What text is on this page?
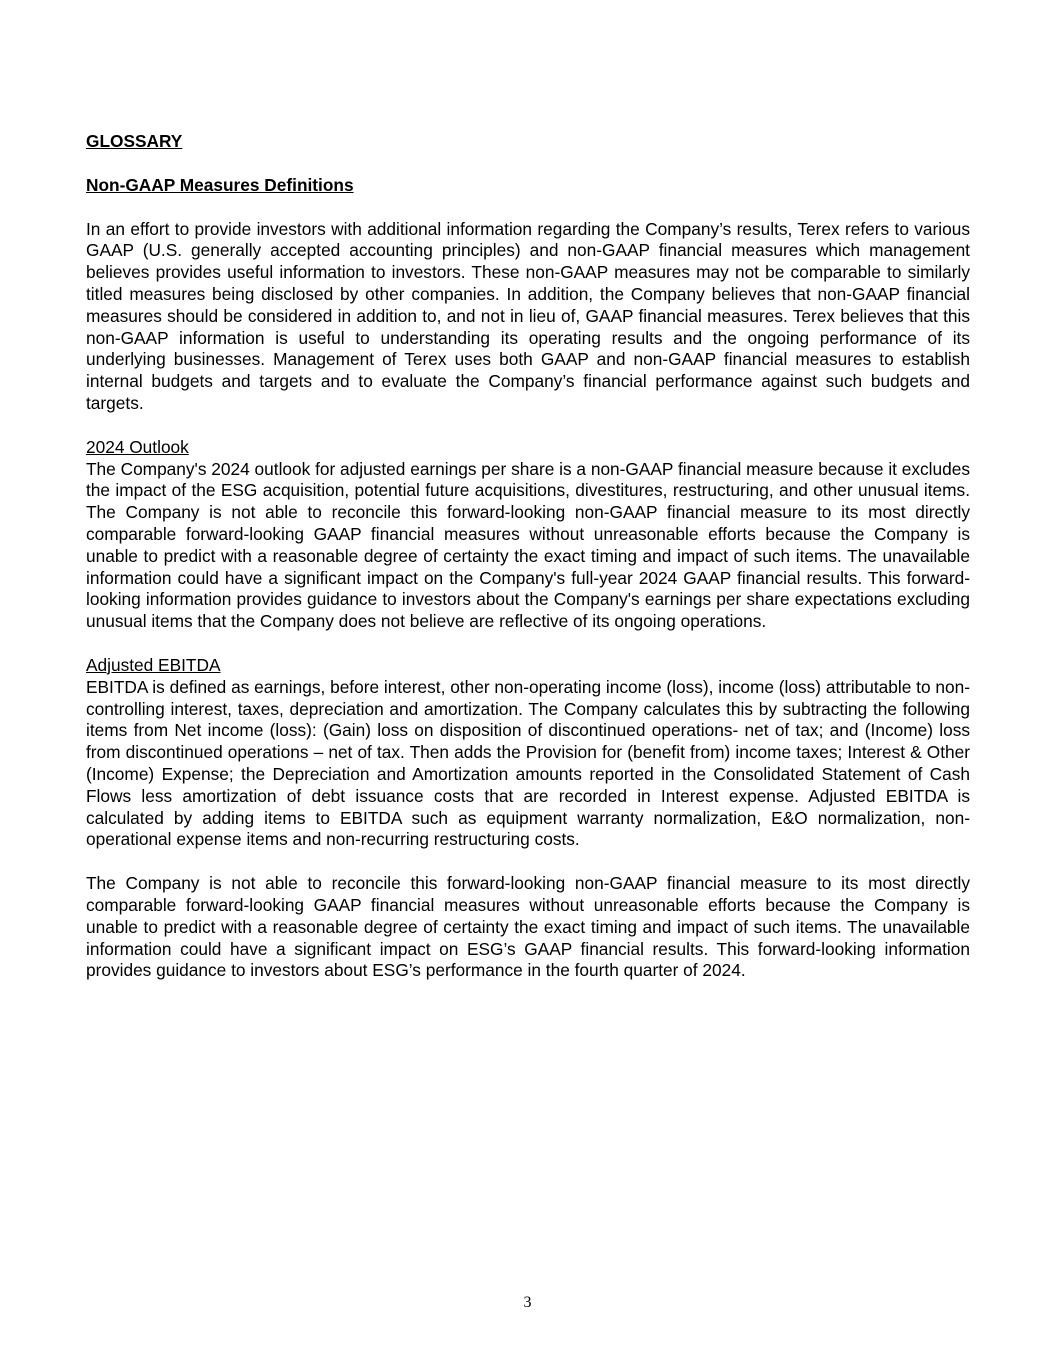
GLOSSARY

Non-GAAP Measures Definitions

In an effort to provide investors with additional information regarding the Company’s results, Terex refers to various GAAP (U.S. generally accepted accounting principles) and non-GAAP financial measures which management believes provides useful information to investors. These non-GAAP measures may not be comparable to similarly titled measures being disclosed by other companies. In addition, the Company believes that non-GAAP financial measures should be considered in addition to, and not in lieu of, GAAP financial measures. Terex believes that this non-GAAP information is useful to understanding its operating results and the ongoing performance of its underlying businesses. Management of Terex uses both GAAP and non-GAAP financial measures to establish internal budgets and targets and to evaluate the Company’s financial performance against such budgets and targets.

2024 Outlook

The Company's 2024 outlook for adjusted earnings per share is a non-GAAP financial measure because it excludes the impact of the ESG acquisition, potential future acquisitions, divestitures, restructuring, and other unusual items. The Company is not able to reconcile this forward-looking non-GAAP financial measure to its most directly comparable forward-looking GAAP financial measures without unreasonable efforts because the Company is unable to predict with a reasonable degree of certainty the exact timing and impact of such items. The unavailable information could have a significant impact on the Company's full-year 2024 GAAP financial results. This forward-looking information provides guidance to investors about the Company's earnings per share expectations excluding unusual items that the Company does not believe are reflective of its ongoing operations.

Adjusted EBITDA

EBITDA is defined as earnings, before interest, other non-operating income (loss), income (loss) attributable to non-controlling interest, taxes, depreciation and amortization. The Company calculates this by subtracting the following items from Net income (loss): (Gain) loss on disposition of discontinued operations- net of tax; and (Income) loss from discontinued operations – net of tax. Then adds the Provision for (benefit from) income taxes; Interest & Other (Income) Expense; the Depreciation and Amortization amounts reported in the Consolidated Statement of Cash Flows less amortization of debt issuance costs that are recorded in Interest expense. Adjusted EBITDA is calculated by adding items to EBITDA such as equipment warranty normalization, E&O normalization, non-operational expense items and non-recurring restructuring costs.

The Company is not able to reconcile this forward-looking non-GAAP financial measure to its most directly comparable forward-looking GAAP financial measures without unreasonable efforts because the Company is unable to predict with a reasonable degree of certainty the exact timing and impact of such items. The unavailable information could have a significant impact on ESG’s GAAP financial results. This forward-looking information provides guidance to investors about ESG’s performance in the fourth quarter of 2024.

3
